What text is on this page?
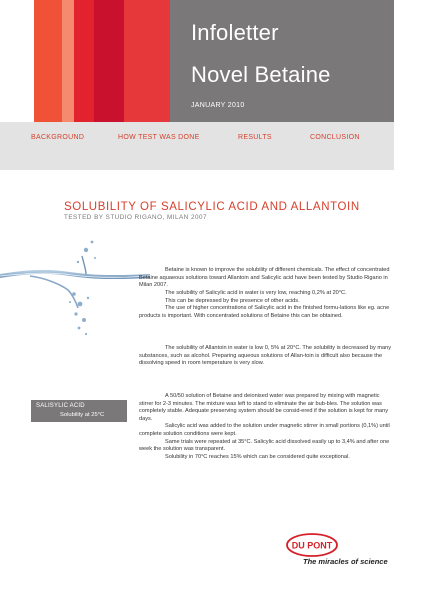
Infoletter
Novel Betaine
JANUARY 2010
BACKGROUND	HOW TEST WAS DONE	RESULTS	CONCLUSION
SOLUBILITY OF SALICYLIC ACID AND ALLANTOIN
TESTED BY STUDIO RIGANO, MILAN 2007

Betaine is known to improve the solubility of different chemicals. The effect of concentrated Betaine aquaeous solutions toward Allantoin and Salicylic acid have been tested by Studio Rigano in Milan 2007.

The solubility of Salicylic acid in water is very low, reaching 0,2% at 20°C.

This can be depressed by the presence of other acids.

The use of higher concentrations of Salicylic acid in the finished formu-lations like eg. acne products is important. With concentrated solutions of Betaine this can be obtained.

The solubility of Allantoin in water is low 0, 5% at 20°C. The solubility is decreased by many substances, such as alcohol. Preparing aqueous solutions of Allan-toin is difficult also because the dissolving speed in room temperature is very slow.

A 50/50 solution of Betaine and deionised water was prepared by mixing with magnetic stirrer for 2-3 minutes. The mixture was left to stand to eliminate the air bub-bles. The solution was completely stable. Adequate preserving system should be consid-ered if the solution is kept for many days.

Salicylic acid was added to the solution under magnetic stirrer in small portions (0,1%) until complete solution conditions were kept.

Same trials were repeated at 35°C. Salicylic acid dissolved easily up to 3,4% and after one week the solution was transparent.

Solubility in 70°C reaches 15% which can be considered quite exceptional.

SALISYLIC ACID
Solubility at 25°C
DU PONT
The miracles of science
